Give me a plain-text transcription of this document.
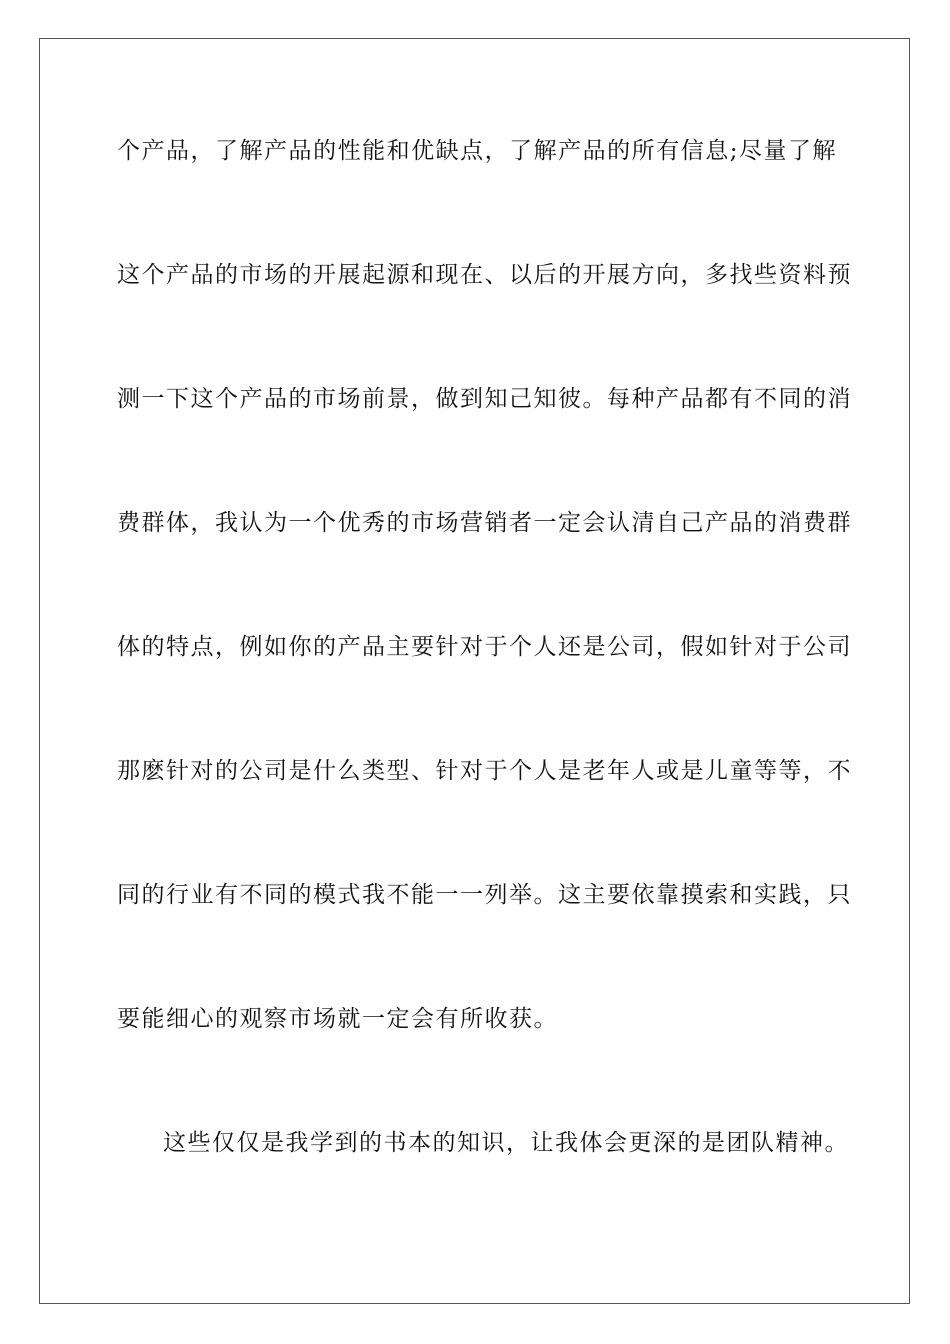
个产品，了解产品的性能和优缺点，了解产品的所有信息;尽量了解
这个产品的市场的开展起源和现在、以后的开展方向，多找些资料预
测一下这个产品的市场前景，做到知己知彼。每种产品都有不同的消
费群体，我认为一个优秀的市场营销者一定会认清自己产品的消费群
体的特点，例如你的产品主要针对于个人还是公司，假如针对于公司
那麽针对的公司是什么类型、针对于个人是老年人或是儿童等等，不
同的行业有不同的模式我不能一一列举。这主要依靠摸索和实践，只
要能细心的观察市场就一定会有所收获。
这些仅仅是我学到的书本的知识，让我体会更深的是团队精神。
